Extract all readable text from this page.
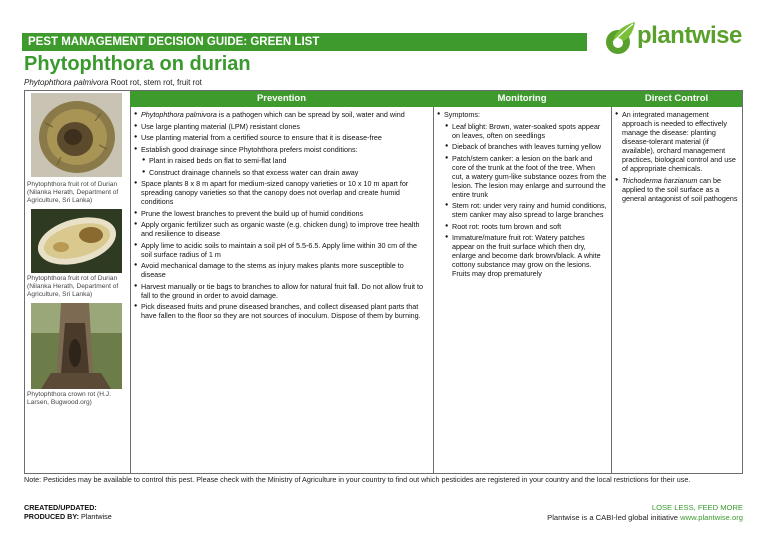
PEST MANAGEMENT DECISION GUIDE: GREEN LIST	plantwise
Phytophthora on durian
Phytophthora palmivora Root rot, stem rot, fruit rot
Phytophthora fruit rot of Durian (Nilanka Herath, Department of Agriculture, Sri Lanka)
Phytophthora fruit rot of Durian (Nilanka Herath, Department of Agriculture, Sri Lanka)
Phytophthora crown rot (H.J. Larsen, Bugwood.org)
Prevention
● Phytophthora palmivora is a pathogen which can be spread by soil, water and wind
● Use large planting material (LPM) resistant clones
● Use planting material from a certified source to ensure that it is disease-free
● Establish good drainage since Phytohthora prefers moist conditions:
● Plant in raised beds on flat to semi-flat land
● Construct drainage channels so that excess water can drain away
● Space plants 8 x 8 m apart for medium-sized canopy varieties or 10 x 10 m apart for spreading canopy varieties so that the canopy does not overlap and create humid conditions
● Prune the lowest branches to prevent the build up of humid conditions
● Apply organic fertilizer such as organic waste (e.g. chicken dung) to improve tree health and resilience to disease
● Apply lime to acidic soils to maintain a soil pH of 5.5-6.5. Apply lime within 30 cm of the soil surface radius of 1 m
● Avoid mechanical damage to the stems as injury makes plants more susceptible to disease
● Harvest manually or tie bags to branches to allow for natural fruit fall. Do not allow fruit to fall to the ground in order to avoid damage.
● Pick diseased fruits and prune diseased branches, and collect diseased plant parts that have fallen to the floor so they are not sources of inoculum. Dispose of them by burning.
Monitoring
● Symptoms:
● Leaf blight: Brown, water-soaked spots appear on leaves, often on seedlings
● Dieback of branches with leaves turning yellow
● Patch/stem canker: a lesion on the bark and core of the trunk at the foot of the tree. When cut, a watery gum-like substance oozes from the lesion. The lesion may enlarge and surround the entire trunk
● Stem rot: under very rainy and humid conditions, stem canker may also spread to large branches
● Root rot: roots turn brown and soft
● Immature/mature fruit rot: Watery patches appear on the fruit surface which then dry, enlarge and become dark brown/black. A white cottony substance may grow on the lesions. Fruits may drop prematurely
Direct Control
● An integrated management approach is needed to effectively manage the disease: planting disease-tolerant material (if available), orchard management practices, biological control and use of appropriate chemicals.
● Trichoderma harzianum can be applied to the soil surface as a general antagonist of soil pathogens
Note: Pesticides may be available to control this pest. Please check with the Ministry of Agriculture in your country to find out which pesticides are registered in your country and the local restrictions for their use.
CREATED/UPDATED:
PRODUCED BY: Plantwise
LOSE LESS, FEED MORE
Plantwise is a CABI-led global initiative www.plantwise.org
